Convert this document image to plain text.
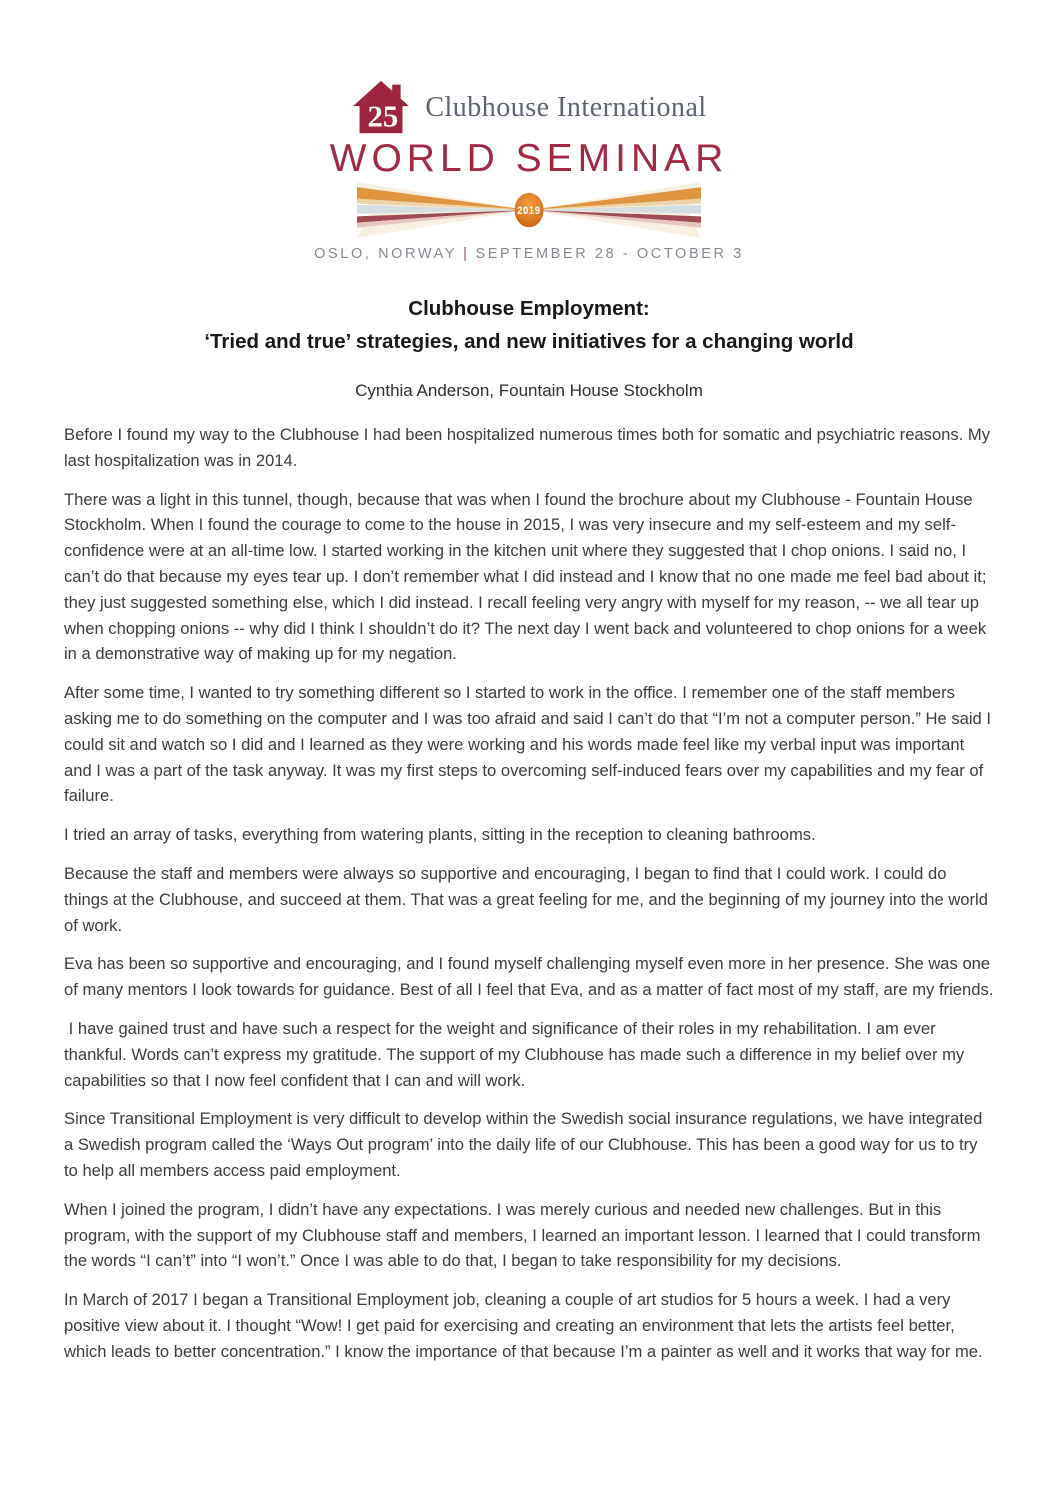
25 Clubhouse International
WORLD SEMINAR
2019
OSLO, NORWAY | SEPTEMBER 28 - OCTOBER 3
Clubhouse Employment:
‘Tried and true’ strategies, and new initiatives for a changing world
Cynthia Anderson, Fountain House Stockholm

Before I found my way to the Clubhouse I had been hospitalized numerous times both for somatic and psychiatric reasons. My last hospitalization was in 2014.

There was a light in this tunnel, though, because that was when I found the brochure about my Clubhouse - Fountain House Stockholm. When I found the courage to come to the house in 2015, I was very insecure and my self-esteem and my self-confidence were at an all-time low. I started working in the kitchen unit where they suggested that I chop onions. I said no, I can’t do that because my eyes tear up. I don’t remember what I did instead and I know that no one made me feel bad about it; they just suggested something else, which I did instead. I recall feeling very angry with myself for my reason, -- we all tear up when chopping onions -- why did I think I shouldn’t do it? The next day I went back and volunteered to chop onions for a week in a demonstrative way of making up for my negation.

After some time, I wanted to try something different so I started to work in the office. I remember one of the staff members asking me to do something on the computer and I was too afraid and said I can’t do that “I’m not a computer person.” He said I could sit and watch so I did and I learned as they were working and his words made feel like my verbal input was important and I was a part of the task anyway. It was my first steps to overcoming self-induced fears over my capabilities and my fear of failure.

I tried an array of tasks, everything from watering plants, sitting in the reception to cleaning bathrooms.

Because the staff and members were always so supportive and encouraging, I began to find that I could work. I could do things at the Clubhouse, and succeed at them. That was a great feeling for me, and the beginning of my journey into the world of work.

Eva has been so supportive and encouraging, and I found myself challenging myself even more in her presence. She was one of many mentors I look towards for guidance. Best of all I feel that Eva, and as a matter of fact most of my staff, are my friends.

I have gained trust and have such a respect for the weight and significance of their roles in my rehabilitation. I am ever thankful. Words can’t express my gratitude. The support of my Clubhouse has made such a difference in my belief over my capabilities so that I now feel confident that I can and will work.

Since Transitional Employment is very difficult to develop within the Swedish social insurance regulations, we have integrated a Swedish program called the ‘Ways Out program’ into the daily life of our Clubhouse. This has been a good way for us to try to help all members access paid employment.

When I joined the program, I didn’t have any expectations. I was merely curious and needed new challenges. But in this program, with the support of my Clubhouse staff and members, I learned an important lesson. I learned that I could transform the words “I can’t” into “I won’t.” Once I was able to do that, I began to take responsibility for my decisions.

In March of 2017 I began a Transitional Employment job, cleaning a couple of art studios for 5 hours a week. I had a very positive view about it. I thought “Wow! I get paid for exercising and creating an environment that lets the artists feel better, which leads to better concentration.” I know the importance of that because I’m a painter as well and it works that way for me.
